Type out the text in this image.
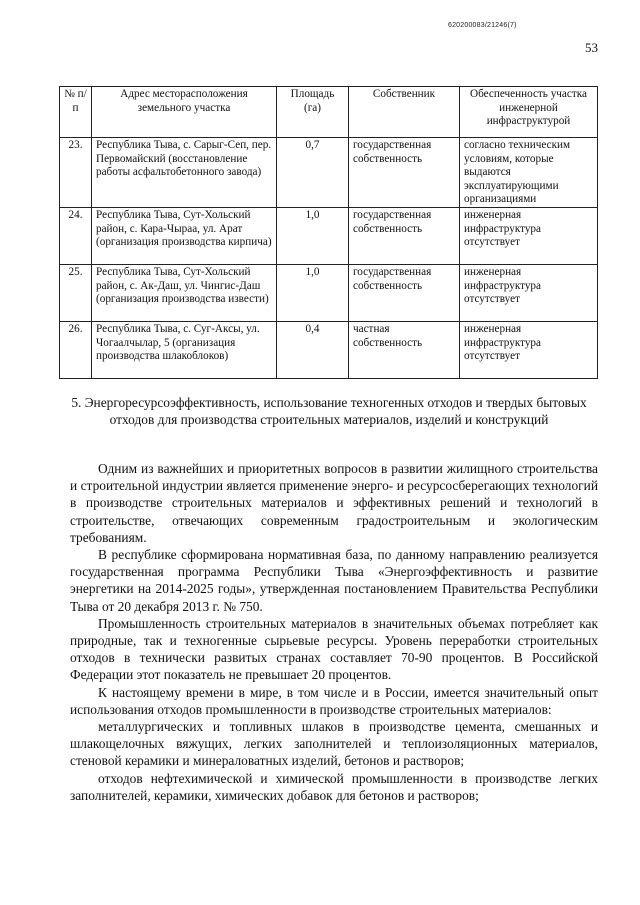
620200083/21246(7)
53
№ п/п	Адрес месторасположения земельного участка	Площадь (га)	Собственник	Обеспеченность участка инженерной инфраструктурой
23.	Республика Тыва, с. Сарыг-Сеп, пер. Первомайский (восстановление работы асфальтобетонного завода)	0,7	государственная собственность	согласно техническим условиям, которые выдаются эксплуатирующими организациями
24.	Республика Тыва, Сут-Хольский район, с. Кара-Чыраа, ул. Арат (организация производства кирпича)	1,0	государственная собственность	инженерная инфраструктура отсутствует
25.	Республика Тыва, Сут-Хольский район, с. Ак-Даш, ул. Чингис-Даш (организация производства извести)	1,0	государственная собственность	инженерная инфраструктура отсутствует
26.	Республика Тыва, с. Суг-Аксы, ул. Чогаалчылар, 5 (организация производства шлакоблоков)	0,4	частная собственность	инженерная инфраструктура отсутствует
5. Энергоресурсоэффективность, использование техногенных отходов и твердых бытовых отходов для производства строительных материалов, изделий и конструкций

Одним из важнейших и приоритетных вопросов в развитии жилищного строительства и строительной индустрии является применение энерго- и ресурсосберегающих технологий в производстве строительных материалов и эффективных решений и технологий в строительстве, отвечающих современным градостроительным и экологическим требованиям.

В республике сформирована нормативная база, по данному направлению реализуется государственная программа Республики Тыва «Энергоэффективность и развитие энергетики на 2014-2025 годы», утвержденная постановлением Правительства Республики Тыва от 20 декабря 2013 г. № 750.

Промышленность строительных материалов в значительных объемах потребляет как природные, так и техногенные сырьевые ресурсы. Уровень переработки строительных отходов в технически развитых странах составляет 70-90 процентов. В Российской Федерации этот показатель не превышает 20 процентов.

К настоящему времени в мире, в том числе и в России, имеется значительный опыт использования отходов промышленности в производстве строительных материалов:

металлургических и топливных шлаков в производстве цемента, смешанных и шлакощелочных вяжущих, легких заполнителей и теплоизоляционных материалов, стеновой керамики и минераловатных изделий, бетонов и растворов;

отходов нефтехимической и химической промышленности в производстве легких заполнителей, керамики, химических добавок для бетонов и растворов;
